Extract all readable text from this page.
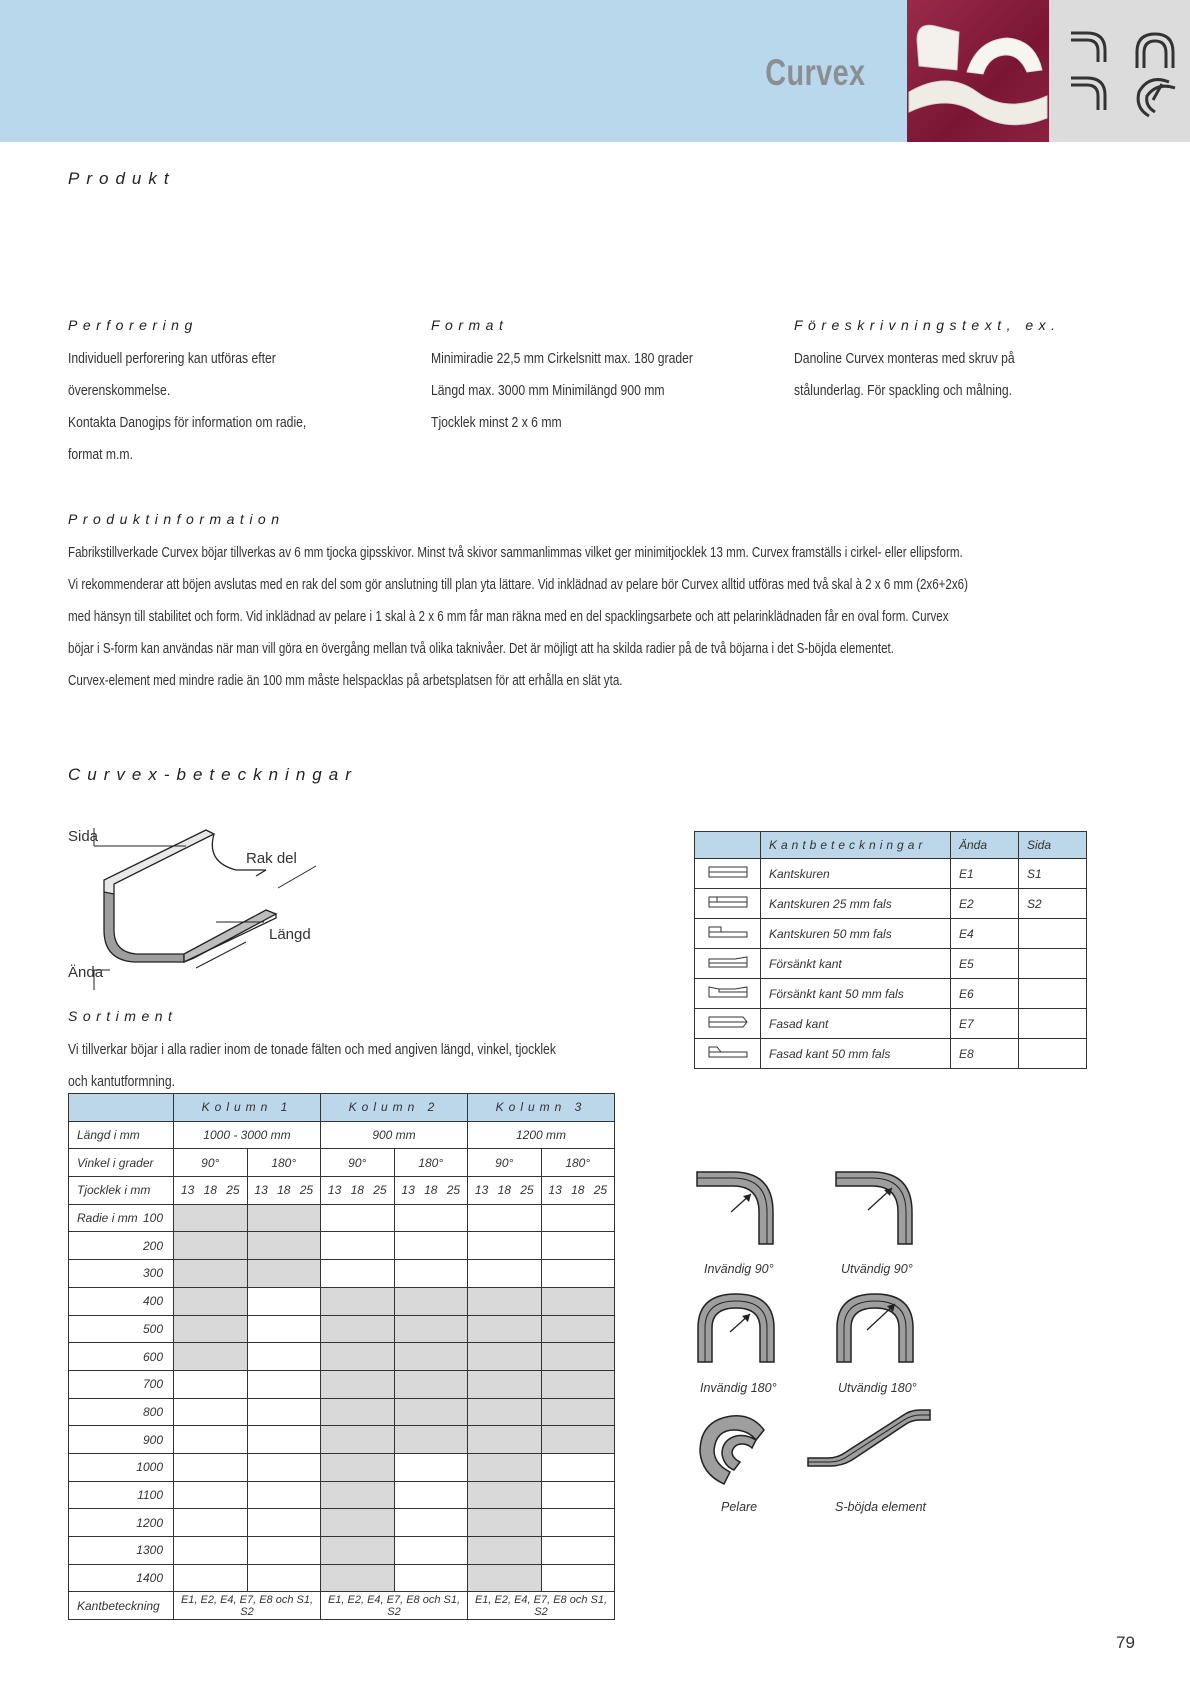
Curvex
Produkt
Perforering

Individuell perforering kan utföras efter

överenskommelse.

Kontakta Danogips för information om radie,

format m.m.

Format

Minimiradie 22,5 mm Cirkelsnitt max. 180 grader

Längd max. 3000 mm Minimilängd 900 mm

Tjocklek minst 2 x 6 mm

Föreskrivningstext, ex.

Danoline Curvex monteras med skruv på

stålunderlag. För spackling och målning.

Produktinformation

Fabrikstillverkade Curvex böjar tillverkas av 6 mm tjocka gipsskivor. Minst två skivor sammanlimmas vilket ger minimitjocklek 13 mm. Curvex framställs i cirkel- eller ellipsform.

Vi rekommenderar att böjen avslutas med en rak del som gör anslutning till plan yta lättare. Vid inklädnad av pelare bör Curvex alltid utföras med två skal à 2 x 6 mm (2x6+2x6)

med hänsyn till stabilitet och form. Vid inklädnad av pelare i 1 skal à 2 x 6 mm får man räkna med en del spacklingsarbete och att pelarinklädnaden får en oval form. Curvex

böjar i S-form kan användas när man vill göra en övergång mellan två olika taknivåer. Det är möjligt att ha skilda radier på de två böjarna i det S-böjda elementet.

Curvex-element med mindre radie än 100 mm måste helspacklas på arbetsplatsen för att erhålla en slät yta.

Curvex-beteckningar
Sida
Rak del
Längd
Ända
	Kantbeteckningar	Ända	Sida
	Kantskuren	E1	S1
	Kantskuren 25 mm fals	E2	S2
	Kantskuren 50 mm fals	E4	
	Försänkt kant	E5	
	Försänkt kant 50 mm fals	E6	
	Fasad kant	E7	
	Fasad kant 50 mm fals	E8	
Sortiment

Vi tillverkar böjar i alla radier inom de tonade fälten och med angiven längd, vinkel, tjocklek

och kantutformning.

	Kolumn 1		Kolumn 2		Kolumn 3	
Längd i mm	1000 - 3000 mm		900 mm		1200 mm	
Vinkel i grader	90°	180°	90°	180°	90°	180°
Tjocklek i mm	13 18 25	13 18 25	13 18 25	13 18 25	13 18 25	13 18 25
Radie i mm 100						

200						
300						
400						
500						
600						
700						
800						
900						
1000						
1100						
1200						
1300						
1400						
Kantbeteckning	E1, E2, E4, E7, E8 och S1, S2		E1, E2, E4, E7, E8 och S1, S2		E1, E2, E4, E7, E8 och S1, S2	
Invändig 90°	Utvändig 90°
Invändig 180°	Utvändig 180°
Pelare	S-böjda element
79
